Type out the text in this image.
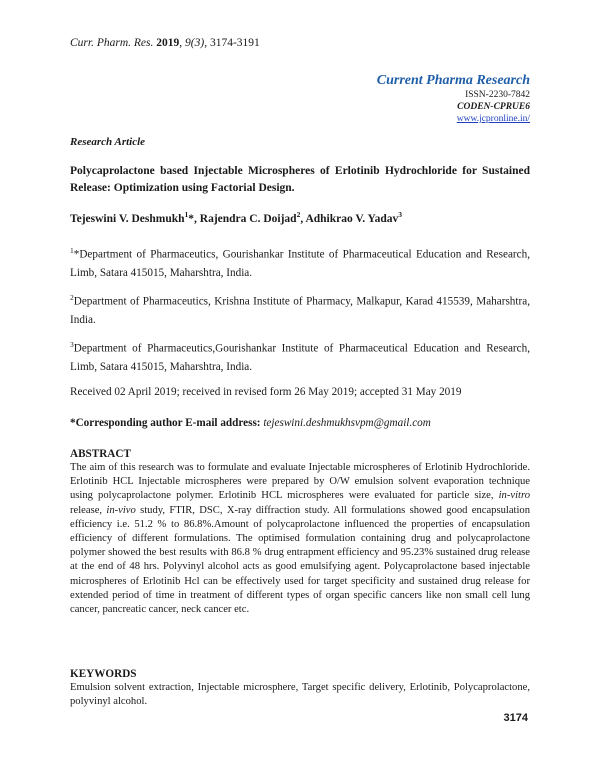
Curr. Pharm. Res. 2019, 9(3), 3174-3191
Current Pharma Research
ISSN-2230-7842
CODEN-CPRUE6
www.jcpronline.in/
Research Article
Polycaprolactone based Injectable Microspheres of Erlotinib Hydrochloride for Sustained Release: Optimization using Factorial Design.
Tejeswini V. Deshmukh$^1$*, Rajendra C. Doijad$^2$, Adhikrao V. Yadav$^3$
$^1$*Department of Pharmaceutics, Gourishankar Institute of Pharmaceutical Education and Research, Limb, Satara 415015, Maharshtra, India.
$^2$Department of Pharmaceutics, Krishna Institute of Pharmacy, Malkapur, Karad 415539, Maharshtra, India.
$^3$Department of Pharmaceutics,Gourishankar Institute of Pharmaceutical Education and Research, Limb, Satara 415015, Maharshtra, India.
Received 02 April 2019; received in revised form 26 May 2019; accepted 31 May 2019
*Corresponding author E-mail address: tejeswini.deshmukhsvpm@gmail.com
ABSTRACT
The aim of this research was to formulate and evaluate Injectable microspheres of Erlotinib Hydrochloride. Erlotinib HCL Injectable microspheres were prepared by O/W emulsion solvent evaporation technique using polycaprolactone polymer. Erlotinib HCL microspheres were evaluated for particle size, in-vitro release, in-vivo study, FTIR, DSC, X-ray diffraction study. All formulations showed good encapsulation efficiency i.e. 51.2 % to 86.8%.Amount of polycaprolactone influenced the properties of encapsulation efficiency of different formulations. The optimised formulation containing drug and polycaprolactone polymer showed the best results with 86.8 % drug entrapment efficiency and 95.23% sustained drug release at the end of 48 hrs. Polyvinyl alcohol acts as good emulsifying agent. Polycaprolactone based injectable microspheres of Erlotinib Hcl can be effectively used for target specificity and sustained drug release for extended period of time in treatment of different types of organ specific cancers like non small cell lung cancer, pancreatic cancer, neck cancer etc.
KEYWORDS
Emulsion solvent extraction, Injectable microsphere, Target specific delivery, Erlotinib, Polycaprolactone, polyvinyl alcohol.
3174
